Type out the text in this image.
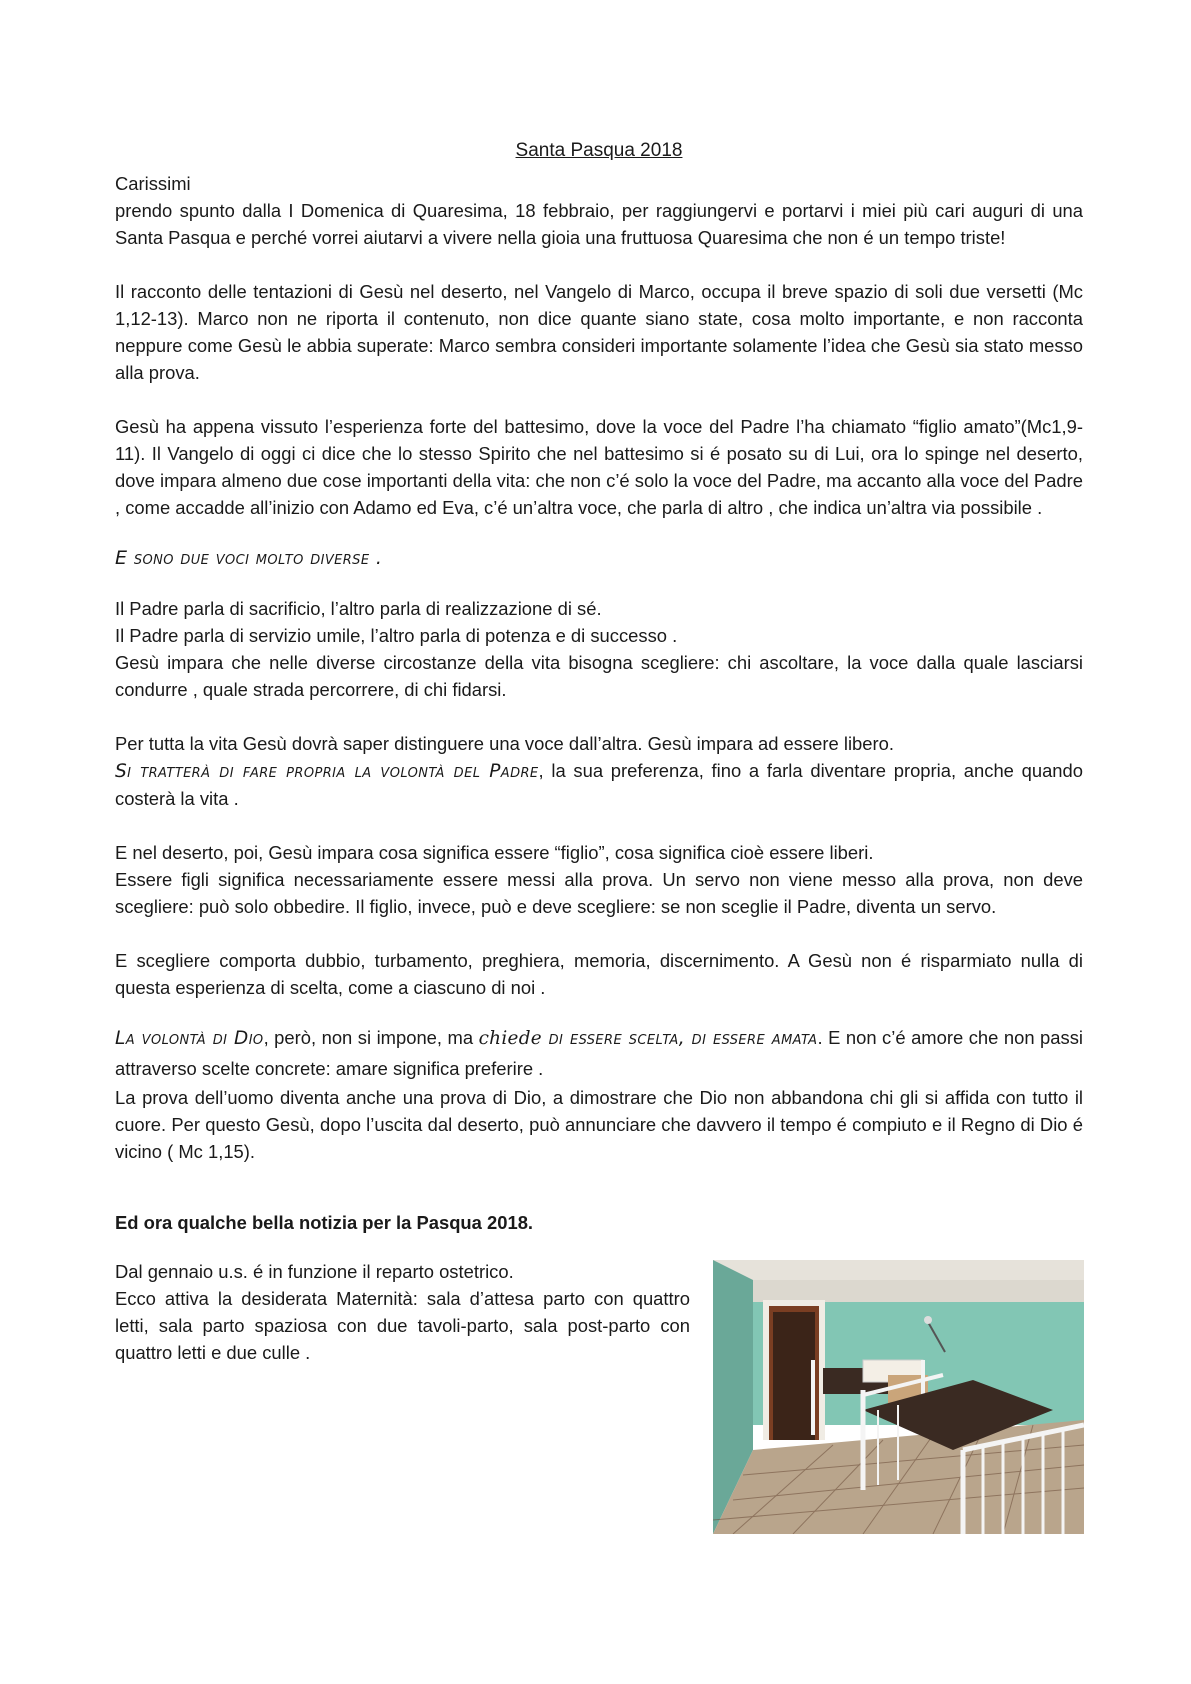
Santa Pasqua 2018

Carissimi

prendo spunto dalla I Domenica di Quaresima, 18 febbraio, per raggiungervi e portarvi i miei più cari auguri di una Santa Pasqua e perché vorrei aiutarvi a vivere nella gioia una fruttuosa Quaresima che non é un tempo triste!

Il racconto delle tentazioni di Gesù nel deserto, nel Vangelo di Marco, occupa il breve spazio di soli due versetti (Mc 1,12-13). Marco non ne riporta il contenuto, non dice quante siano state, cosa molto importante, e non racconta neppure come Gesù le abbia superate: Marco sembra consideri importante solamente l’idea che Gesù sia stato messo alla prova.

Gesù ha appena vissuto l’esperienza forte del battesimo, dove la voce del Padre l’ha chiamato “figlio amato”(Mc1,9-11). Il Vangelo di oggi ci dice che lo stesso Spirito che nel battesimo si é posato su di Lui, ora lo spinge nel deserto, dove impara almeno due cose importanti della vita: che non c’é solo la voce del Padre, ma accanto alla voce del Padre , come accadde all’inizio con Adamo ed Eva, c’é un’altra voce, che parla di altro , che indica un’altra via possibile .

E sono due voci molto diverse .

Il Padre parla di sacrificio, l’altro parla di realizzazione di sé.

Il Padre parla di servizio umile, l’altro parla di potenza e di successo .

Gesù impara che nelle diverse circostanze della vita bisogna scegliere: chi ascoltare, la voce dalla quale lasciarsi condurre , quale strada percorrere, di chi fidarsi.

Per tutta la vita Gesù dovrà saper distinguere una voce dall’altra. Gesù impara ad essere libero.

Si tratterà di fare propria la volontà del Padre, la sua preferenza, fino a farla diventare propria, anche quando costerà la vita .

E nel deserto, poi, Gesù impara cosa significa essere “figlio”, cosa significa cioè essere liberi.

Essere figli significa necessariamente essere messi alla prova. Un servo non viene messo alla prova, non deve scegliere: può solo obbedire. Il figlio, invece, può e deve scegliere: se non sceglie il Padre, diventa un servo.

E scegliere comporta dubbio, turbamento, preghiera, memoria, discernimento. A Gesù non é risparmiato nulla di questa esperienza di scelta, come a ciascuno di noi .

La volontà di Dio, però, non si impone, ma chiede di essere scelta, di essere amata. E non c’é amore che non passi attraverso scelte concrete: amare significa preferire .

La prova dell’uomo diventa anche una prova di Dio, a dimostrare che Dio non abbandona chi gli si affida con tutto il cuore. Per questo Gesù, dopo l’uscita dal deserto, può annunciare che davvero il tempo é compiuto e il Regno di Dio é vicino ( Mc 1,15).

Ed ora qualche bella notizia per la Pasqua 2018.

Dal gennaio u.s. é in funzione il reparto ostetrico.

Ecco attiva la desiderata Maternità: sala d’attesa parto con quattro letti, sala parto spaziosa con due tavoli-parto, sala post-parto con quattro letti e due culle .
